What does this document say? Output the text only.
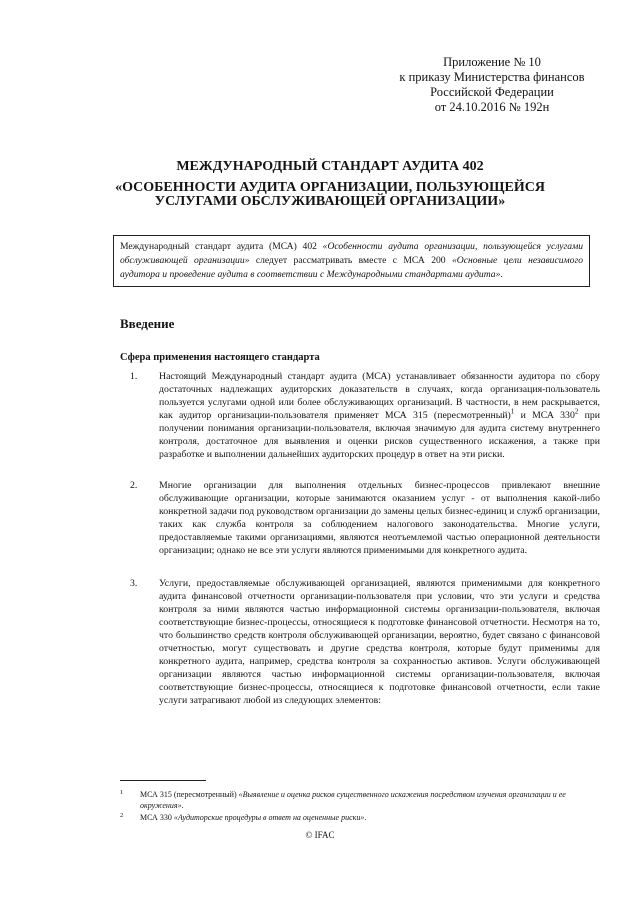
Приложение № 10
к приказу Министерства финансов
Российской Федерации
от 24.10.2016 № 192н
МЕЖДУНАРОДНЫЙ СТАНДАРТ АУДИТА 402
«ОСОБЕННОСТИ АУДИТА ОРГАНИЗАЦИИ, ПОЛЬЗУЮЩЕЙСЯ УСЛУГАМИ ОБСЛУЖИВАЮЩЕЙ ОРГАНИЗАЦИИ»
Международный стандарт аудита (МСА) 402 «Особенности аудита организации, пользующейся услугами обслуживающей организации» следует рассматривать вместе с МСА 200 «Основные цели независимого аудитора и проведение аудита в соответствии с Международными стандартами аудита».
Введение
Сфера применения настоящего стандарта
1. Настоящий Международный стандарт аудита (МСА) устанавливает обязанности аудитора по сбору достаточных надлежащих аудиторских доказательств в случаях, когда организация-пользователь пользуется услугами одной или более обслуживающих организаций. В частности, в нем раскрывается, как аудитор организации-пользователя применяет МСА 315 (пересмотренный)$^1$ и МСА $330^2$ при получении понимания организации-пользователя, включая значимую для аудита систему внутреннего контроля, достаточное для выявления и оценки рисков существенного искажения, а также при разработке и выполнении дальнейших аудиторских процедур в ответ на эти риски.
2. Многие организации для выполнения отдельных бизнес-процессов привлекают внешние обслуживающие организации, которые занимаются оказанием услуг - от выполнения какой-либо конкретной задачи под руководством организации до замены целых бизнес-единиц и служб организации, таких как служба контроля за соблюдением налогового законодательства. Многие услуги, предоставляемые такими организациями, являются неотъемлемой частью операционной деятельности организации; однако не все эти услуги являются применимыми для конкретного аудита.
3. Услуги, предоставляемые обслуживающей организацией, являются применимыми для конкретного аудита финансовой отчетности организации-пользователя при условии, что эти услуги и средства контроля за ними являются частью информационной системы организации-пользователя, включая соответствующие бизнес-процессы, относящиеся к подготовке финансовой отчетности. Несмотря на то, что большинство средств контроля обслуживающей организации, вероятно, будет связано с финансовой отчетностью, могут существовать и другие средства контроля, которые будут применимы для конкретного аудита, например, средства контроля за сохранностью активов. Услуги обслуживающей организации являются частью информационной системы организации-пользователя, включая соответствующие бизнес-процессы, относящиеся к подготовке финансовой отчетности, если такие услуги затрагивают любой из следующих элементов:
1 МСА 315 (пересмотренный) «Выявление и оценка рисков существенного искажения посредством изучения организации и ее окружения».
2 МСА 330 «Аудиторские процедуры в ответ на оцененные риски».
© IFAC
